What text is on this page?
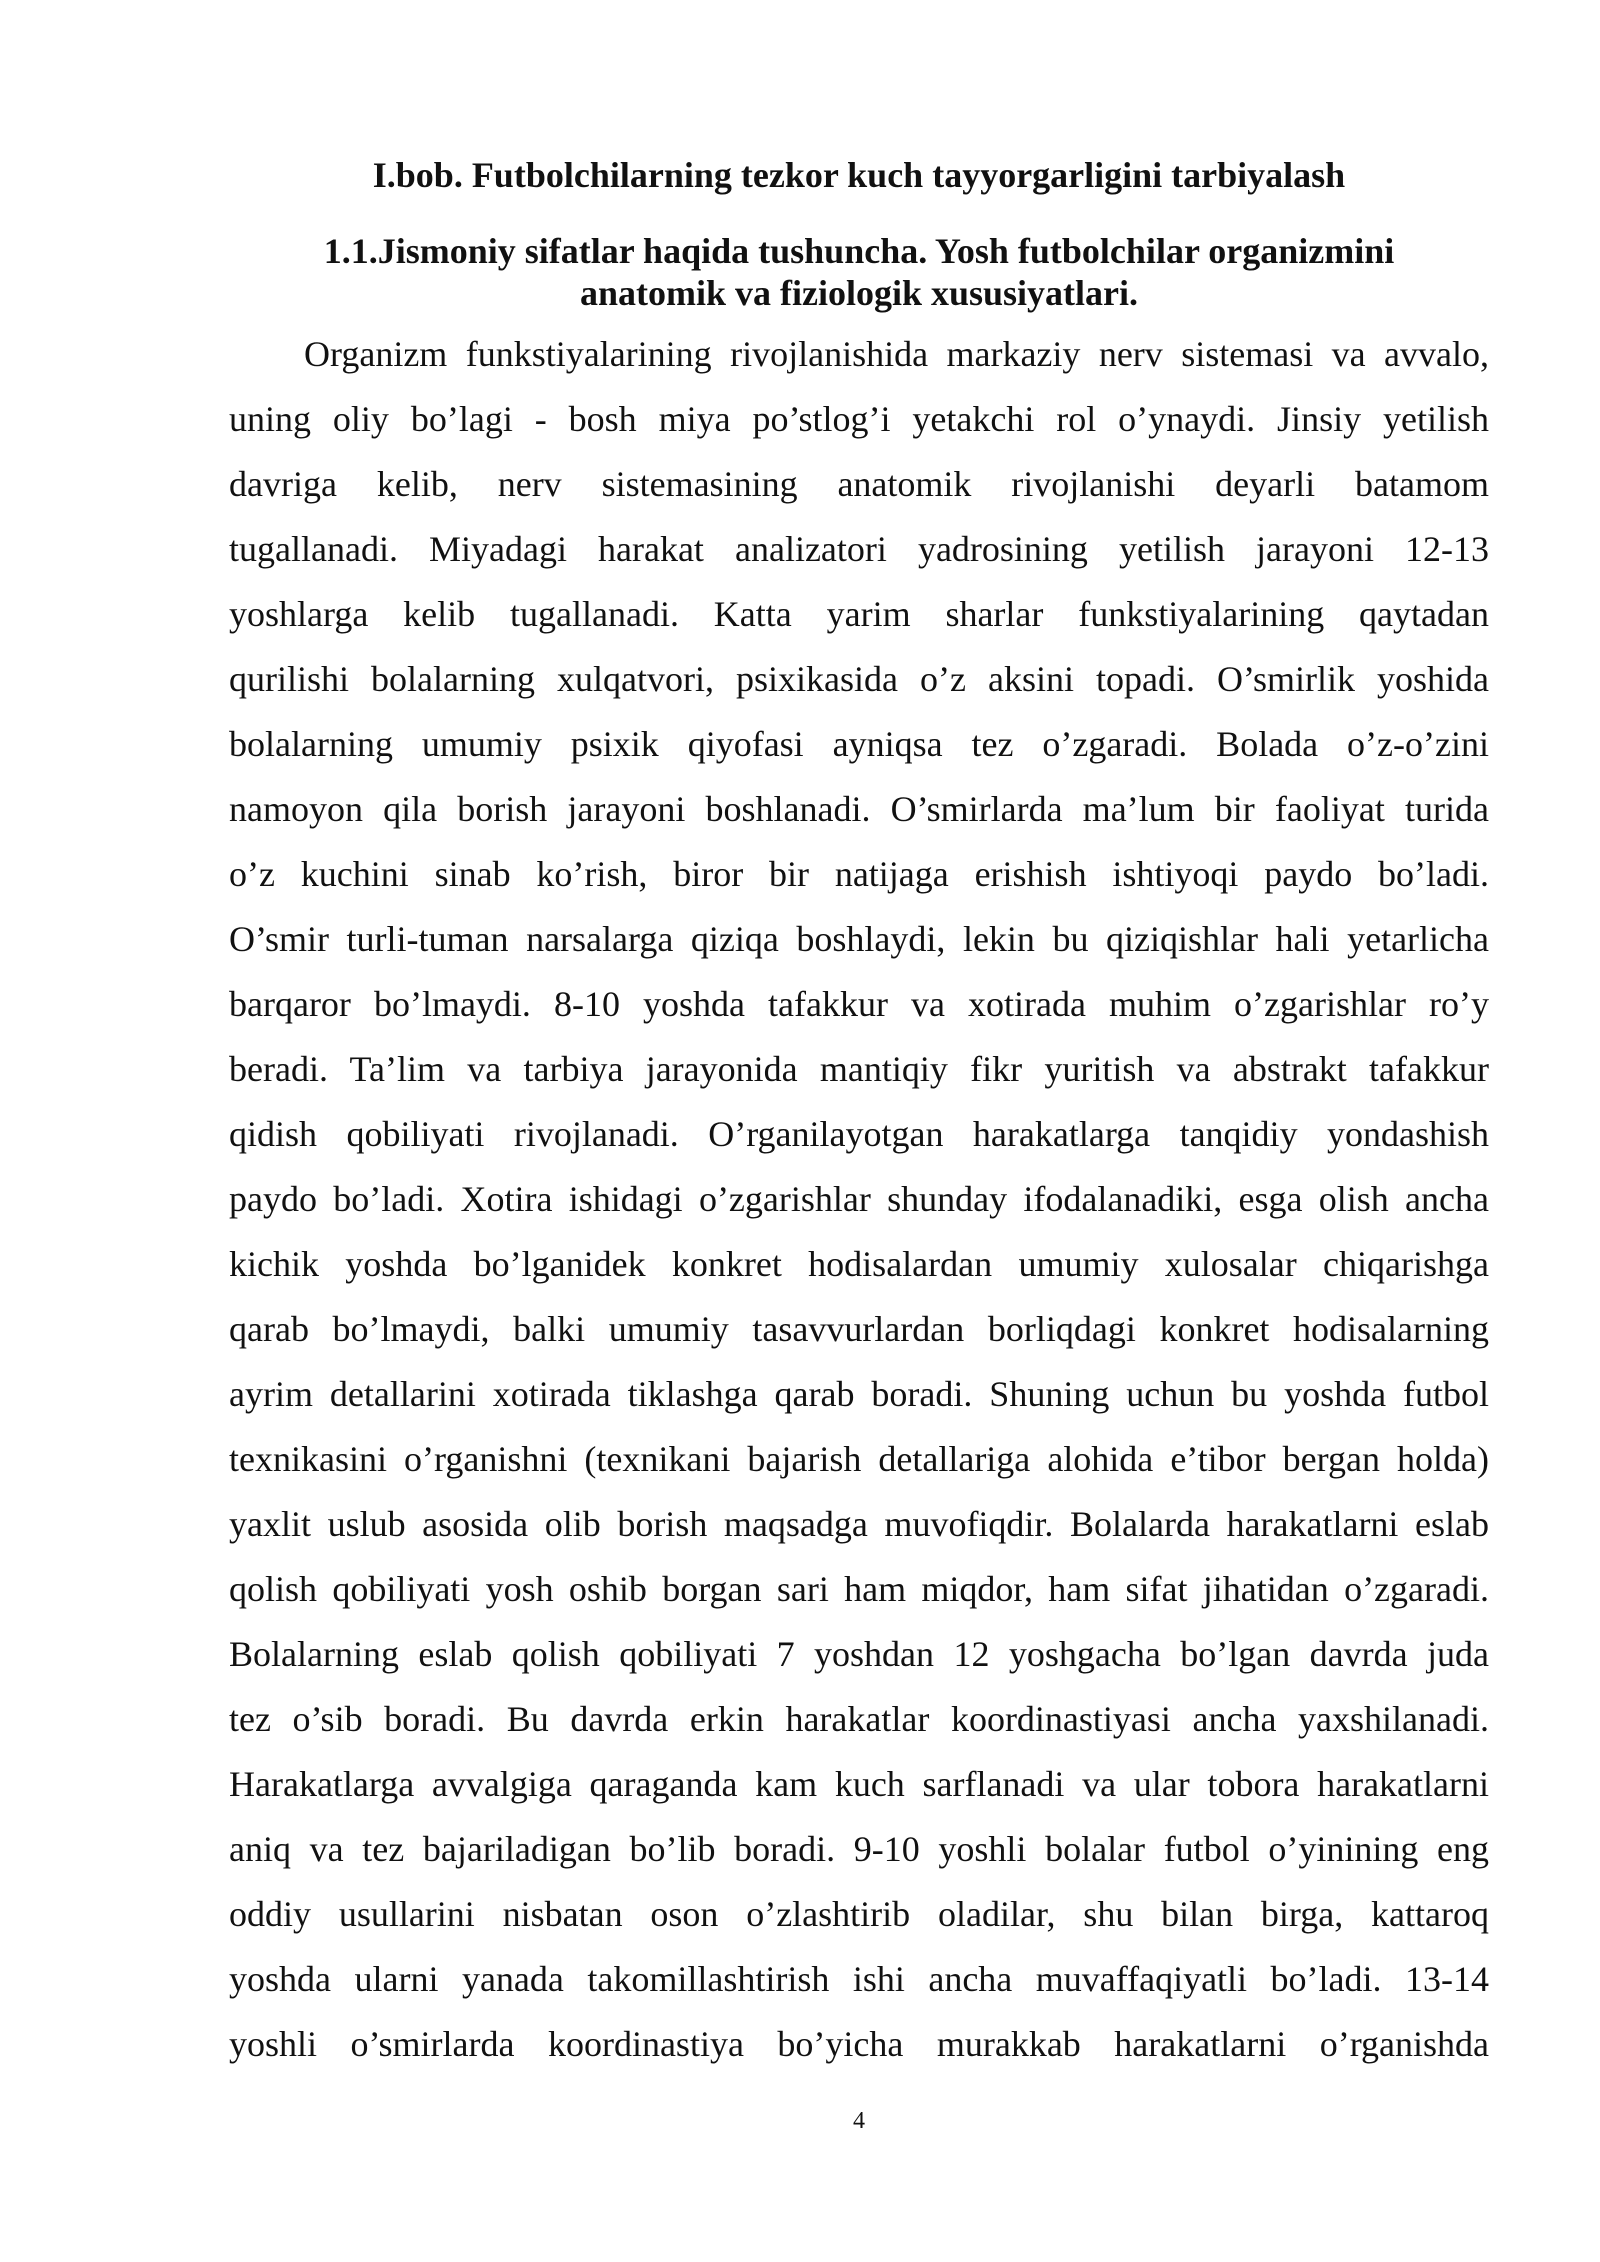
I.bob. Futbolchilarning tezkor kuch tayyorgarligini tarbiyalash
1.1.Jismoniy sifatlar haqida tushuncha. Yosh futbolchilar organizmini
anatomik va fiziologik xususiyatlari.
Organizm funkstiyalarining rivojlanishida markaziy nerv sistemasi va avvalo,
uning oliy bo’lagi - bosh miya po’stlog’i yetakchi rol o’ynaydi. Jinsiy yetilish
davriga kelib, nerv sistemasining anatomik rivojlanishi deyarli batamom
tugallanadi. Miyadagi harakat analizatori yadrosining yetilish jarayoni 12-13
yoshlarga kelib tugallanadi. Katta yarim sharlar funkstiyalarining qaytadan
qurilishi bolalarning xulqatvori, psixikasida o’z aksini topadi. O’smirlik yoshida
bolalarning umumiy psixik qiyofasi ayniqsa tez o’zgaradi. Bolada o’z-o’zini
namoyon qila borish jarayoni boshlanadi. O’smirlarda ma’lum bir faoliyat turida
o’z kuchini sinab ko’rish, biror bir natijaga erishish ishtiyoqi paydo bo’ladi.
O’smir turli-tuman narsalarga qiziqa boshlaydi, lekin bu qiziqishlar hali yetarlicha
barqaror bo’lmaydi. 8-10 yoshda tafakkur va xotirada muhim o’zgarishlar ro’y
beradi. Ta’lim va tarbiya jarayonida mantiqiy fikr yuritish va abstrakt tafakkur
qidish qobiliyati rivojlanadi. O’rganilayotgan harakatlarga tanqidiy yondashish
paydo bo’ladi. Xotira ishidagi o’zgarishlar shunday ifodalanadiki, esga olish ancha
kichik yoshda bo’lganidek konkret hodisalardan umumiy xulosalar chiqarishga
qarab bo’lmaydi, balki umumiy tasavvurlardan borliqdagi konkret hodisalarning
ayrim detallarini xotirada tiklashga qarab boradi. Shuning uchun bu yoshda futbol
texnikasini o’rganishni (texnikani bajarish detallariga alohida e’tibor bergan holda)
yaxlit uslub asosida olib borish maqsadga muvofiqdir. Bolalarda harakatlarni eslab
qolish qobiliyati yosh oshib borgan sari ham miqdor, ham sifat jihatidan o’zgaradi.
Bolalarning eslab qolish qobiliyati 7 yoshdan 12 yoshgacha bo’lgan davrda juda
tez o’sib boradi. Bu davrda erkin harakatlar koordinastiyasi ancha yaxshilanadi.
Harakatlarga avvalgiga qaraganda kam kuch sarflanadi va ular tobora harakatlarni
aniq va tez bajariladigan bo’lib boradi. 9-10 yoshli bolalar futbol o’yinining eng
oddiy usullarini nisbatan oson o’zlashtirib oladilar, shu bilan birga, kattaroq
yoshda ularni yanada takomillashtirish ishi ancha muvaffaqiyatli bo’ladi. 13-14
yoshli o’smirlarda koordinastiya bo’yicha murakkab harakatlarni o’rganishda
4
